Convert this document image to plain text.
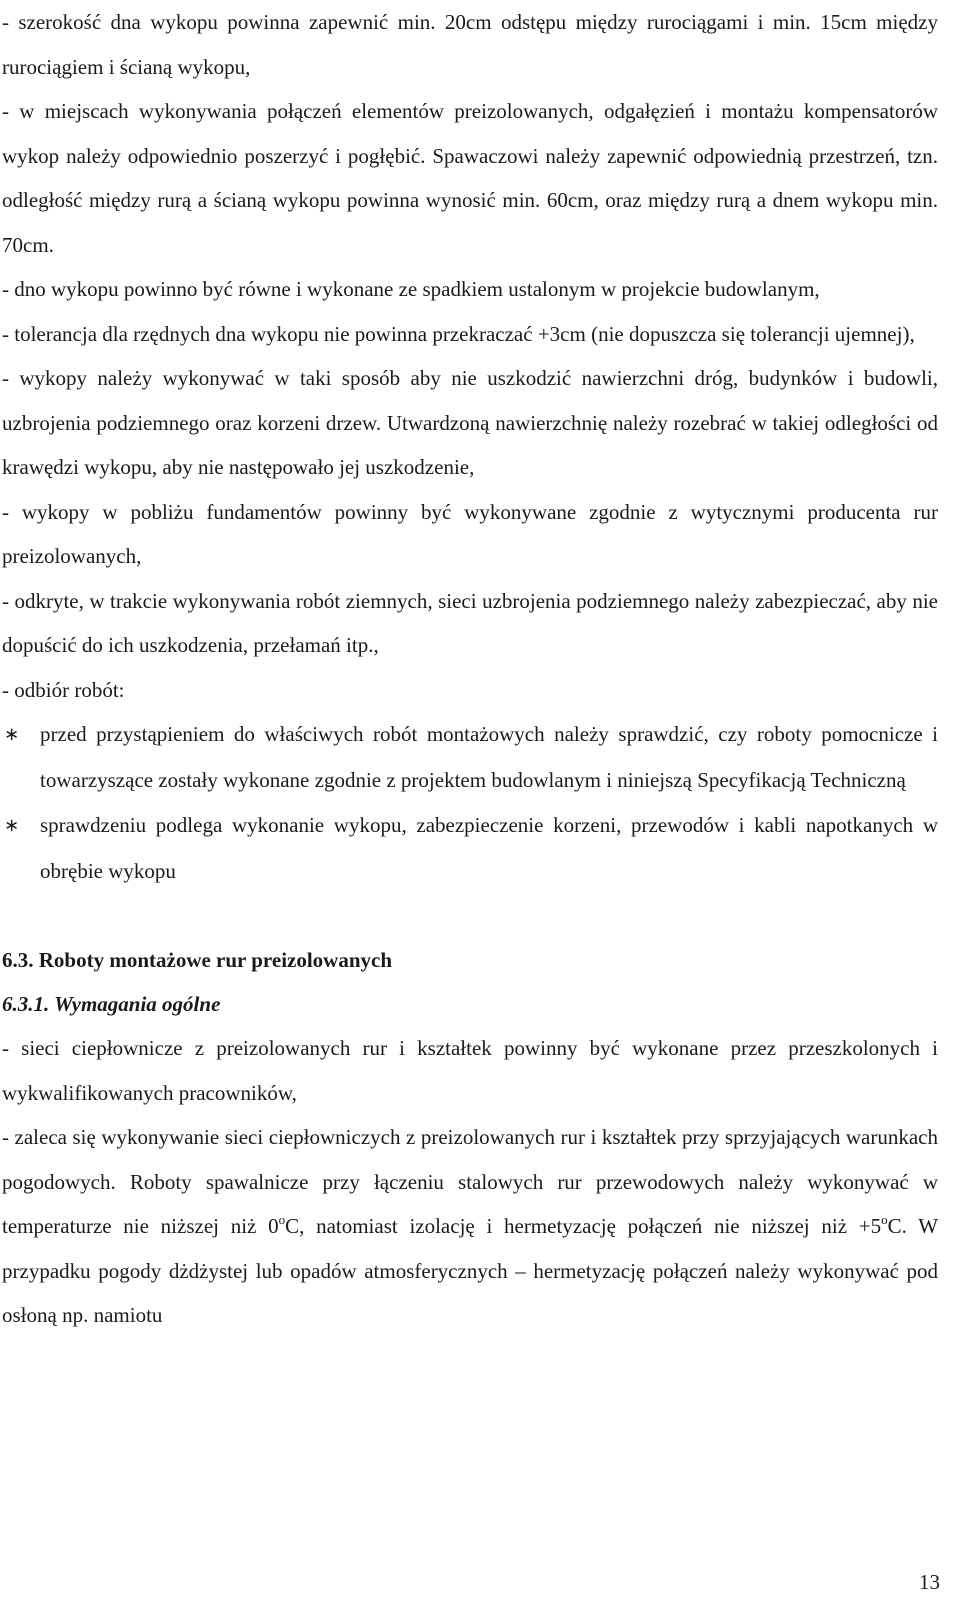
- szerokość dna wykopu powinna zapewnić min. 20cm odstępu między rurociągami i min. 15cm między rurociągiem i ścianą wykopu,

- w miejscach wykonywania połączeń elementów preizolowanych, odgałęzień i montażu kompensatorów wykop należy odpowiednio poszerzyć i pogłębić. Spawaczowi należy zapewnić odpowiednią przestrzeń, tzn. odległość między rurą a ścianą wykopu powinna wynosić min. 60cm, oraz między rurą a dnem wykopu min. 70cm.

- dno wykopu powinno być równe i wykonane ze spadkiem ustalonym w projekcie budowlanym,

- tolerancja dla rzędnych dna wykopu nie powinna przekraczać +3cm (nie dopuszcza się tolerancji ujemnej),

- wykopy należy wykonywać w taki sposób aby nie uszkodzić nawierzchni dróg, budynków i budowli, uzbrojenia podziemnego oraz korzeni drzew. Utwardzoną nawierzchnię należy rozebrać w takiej odległości od krawędzi wykopu, aby nie następowało jej uszkodzenie,

- wykopy w pobliżu fundamentów powinny być wykonywane zgodnie z wytycznymi producenta rur preizolowanych,

- odkryte, w trakcie wykonywania robót ziemnych, sieci uzbrojenia podziemnego należy zabezpieczać, aby nie dopuścić do ich uszkodzenia, przełamań itp.,

- odbiór robót:

∗ przed przystąpieniem do właściwych robót montażowych należy sprawdzić, czy roboty pomocnicze i towarzyszące zostały wykonane zgodnie z projektem budowlanym i niniejszą Specyfikacją Techniczną

∗ sprawdzeniu podlega wykonanie wykopu, zabezpieczenie korzeni, przewodów i kabli napotkanych w obrębie wykopu

6.3. Roboty montażowe rur preizolowanych

6.3.1. Wymagania ogólne

- sieci ciepłownicze z preizolowanych rur i kształtek powinny być wykonane przez przeszkolonych i wykwalifikowanych pracowników,

- zaleca się wykonywanie sieci ciepłowniczych z preizolowanych rur i kształtek przy sprzyjających warunkach pogodowych. Roboty spawalnicze przy łączeniu stalowych rur przewodowych należy wykonywać w temperaturze nie niższej niż 0$^o$C, natomiast izolację i hermetyzację połączeń nie niższej niż $+5^oC$. W przypadku pogody dżdżystej lub opadów atmosferycznych – hermetyzację połączeń należy wykonywać pod osłoną np. namiotu

13
